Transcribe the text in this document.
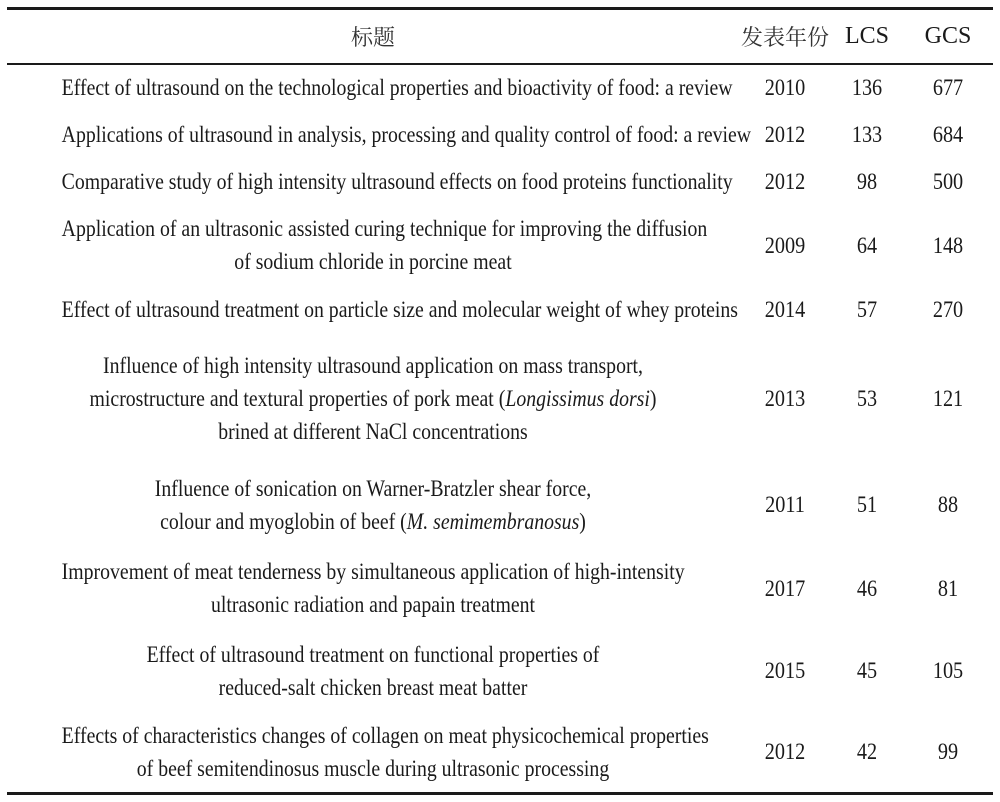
标题	发表年份	LCS	GCS

Effect of ultrasound on the technological properties and bioactivity of food: a review	2010	136	677

Applications of ultrasound in analysis, processing and quality control of food: a review	2012	133	684

Comparative study of high intensity ultrasound effects on food proteins functionality	2012	98	500

Application of an ultrasonic assisted curing technique for improving the diffusion
of sodium chloride in porcine meat	2009	64	148

Effect of ultrasound treatment on particle size and molecular weight of whey proteins	2014	57	270

Influence of high intensity ultrasound application on mass transport,
microstructure and textural properties of pork meat (Longissimus dorsi)
brined at different NaCl concentrations	2013	53	121

Influence of sonication on Warner-Bratzler shear force,
colour and myoglobin of beef (M. semimembranosus)	2011	51	88

Improvement of meat tenderness by simultaneous application of high-intensity
ultrasonic radiation and papain treatment	2017	46	81

Effect of ultrasound treatment on functional properties of
reduced-salt chicken breast meat batter	2015	45	105

Effects of characteristics changes of collagen on meat physicochemical properties
of beef semitendinosus muscle during ultrasonic processing	2012	42	99
